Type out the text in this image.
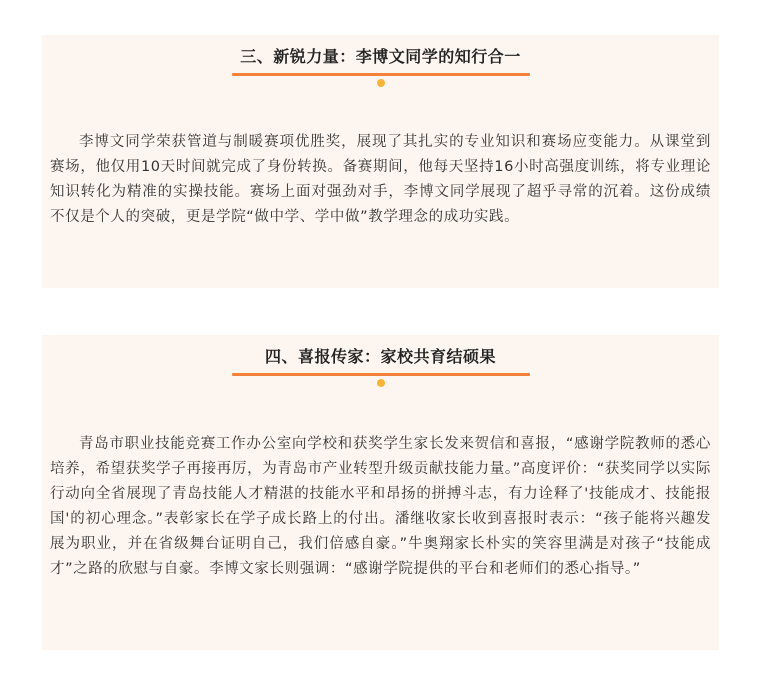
三、新锐力量：李博文同学的知行合一
李博文同学荣获管道与制暖赛项优胜奖，展现了其扎实的专业知识和赛场应变能力。从课堂到赛场，他仅用10天时间就完成了身份转换。备赛期间，他每天坚持16小时高强度训练，将专业理论知识转化为精准的实操技能。赛场上面对强劲对手，李博文同学展现了超乎寻常的沉着。这份成绩不仅是个人的突破，更是学院“做中学、学中做”教学理念的成功实践。
四、喜报传家：家校共育结硕果
青岛市职业技能竞赛工作办公室向学校和获奖学生家长发来贺信和喜报，“感谢学院教师的悉心培养，希望获奖学子再接再厉，为青岛市产业转型升级贡献技能力量。”高度评价：“获奖同学以实际行动向全省展现了青岛技能人才精湛的技能水平和昂扬的拼搏斗志，有力诠释了'技能成才、技能报国'的初心理念。”表彰家长在学子成长路上的付出。潘继收家长收到喜报时表示：“孩子能将兴趣发展为职业，并在省级舞台证明自己，我们倍感自豪。”牛奥翔家长朴实的笑容里满是对孩子“技能成才”之路的欣慰与自豪。李博文家长则强调：“感谢学院提供的平台和老师们的悉心指导。”
